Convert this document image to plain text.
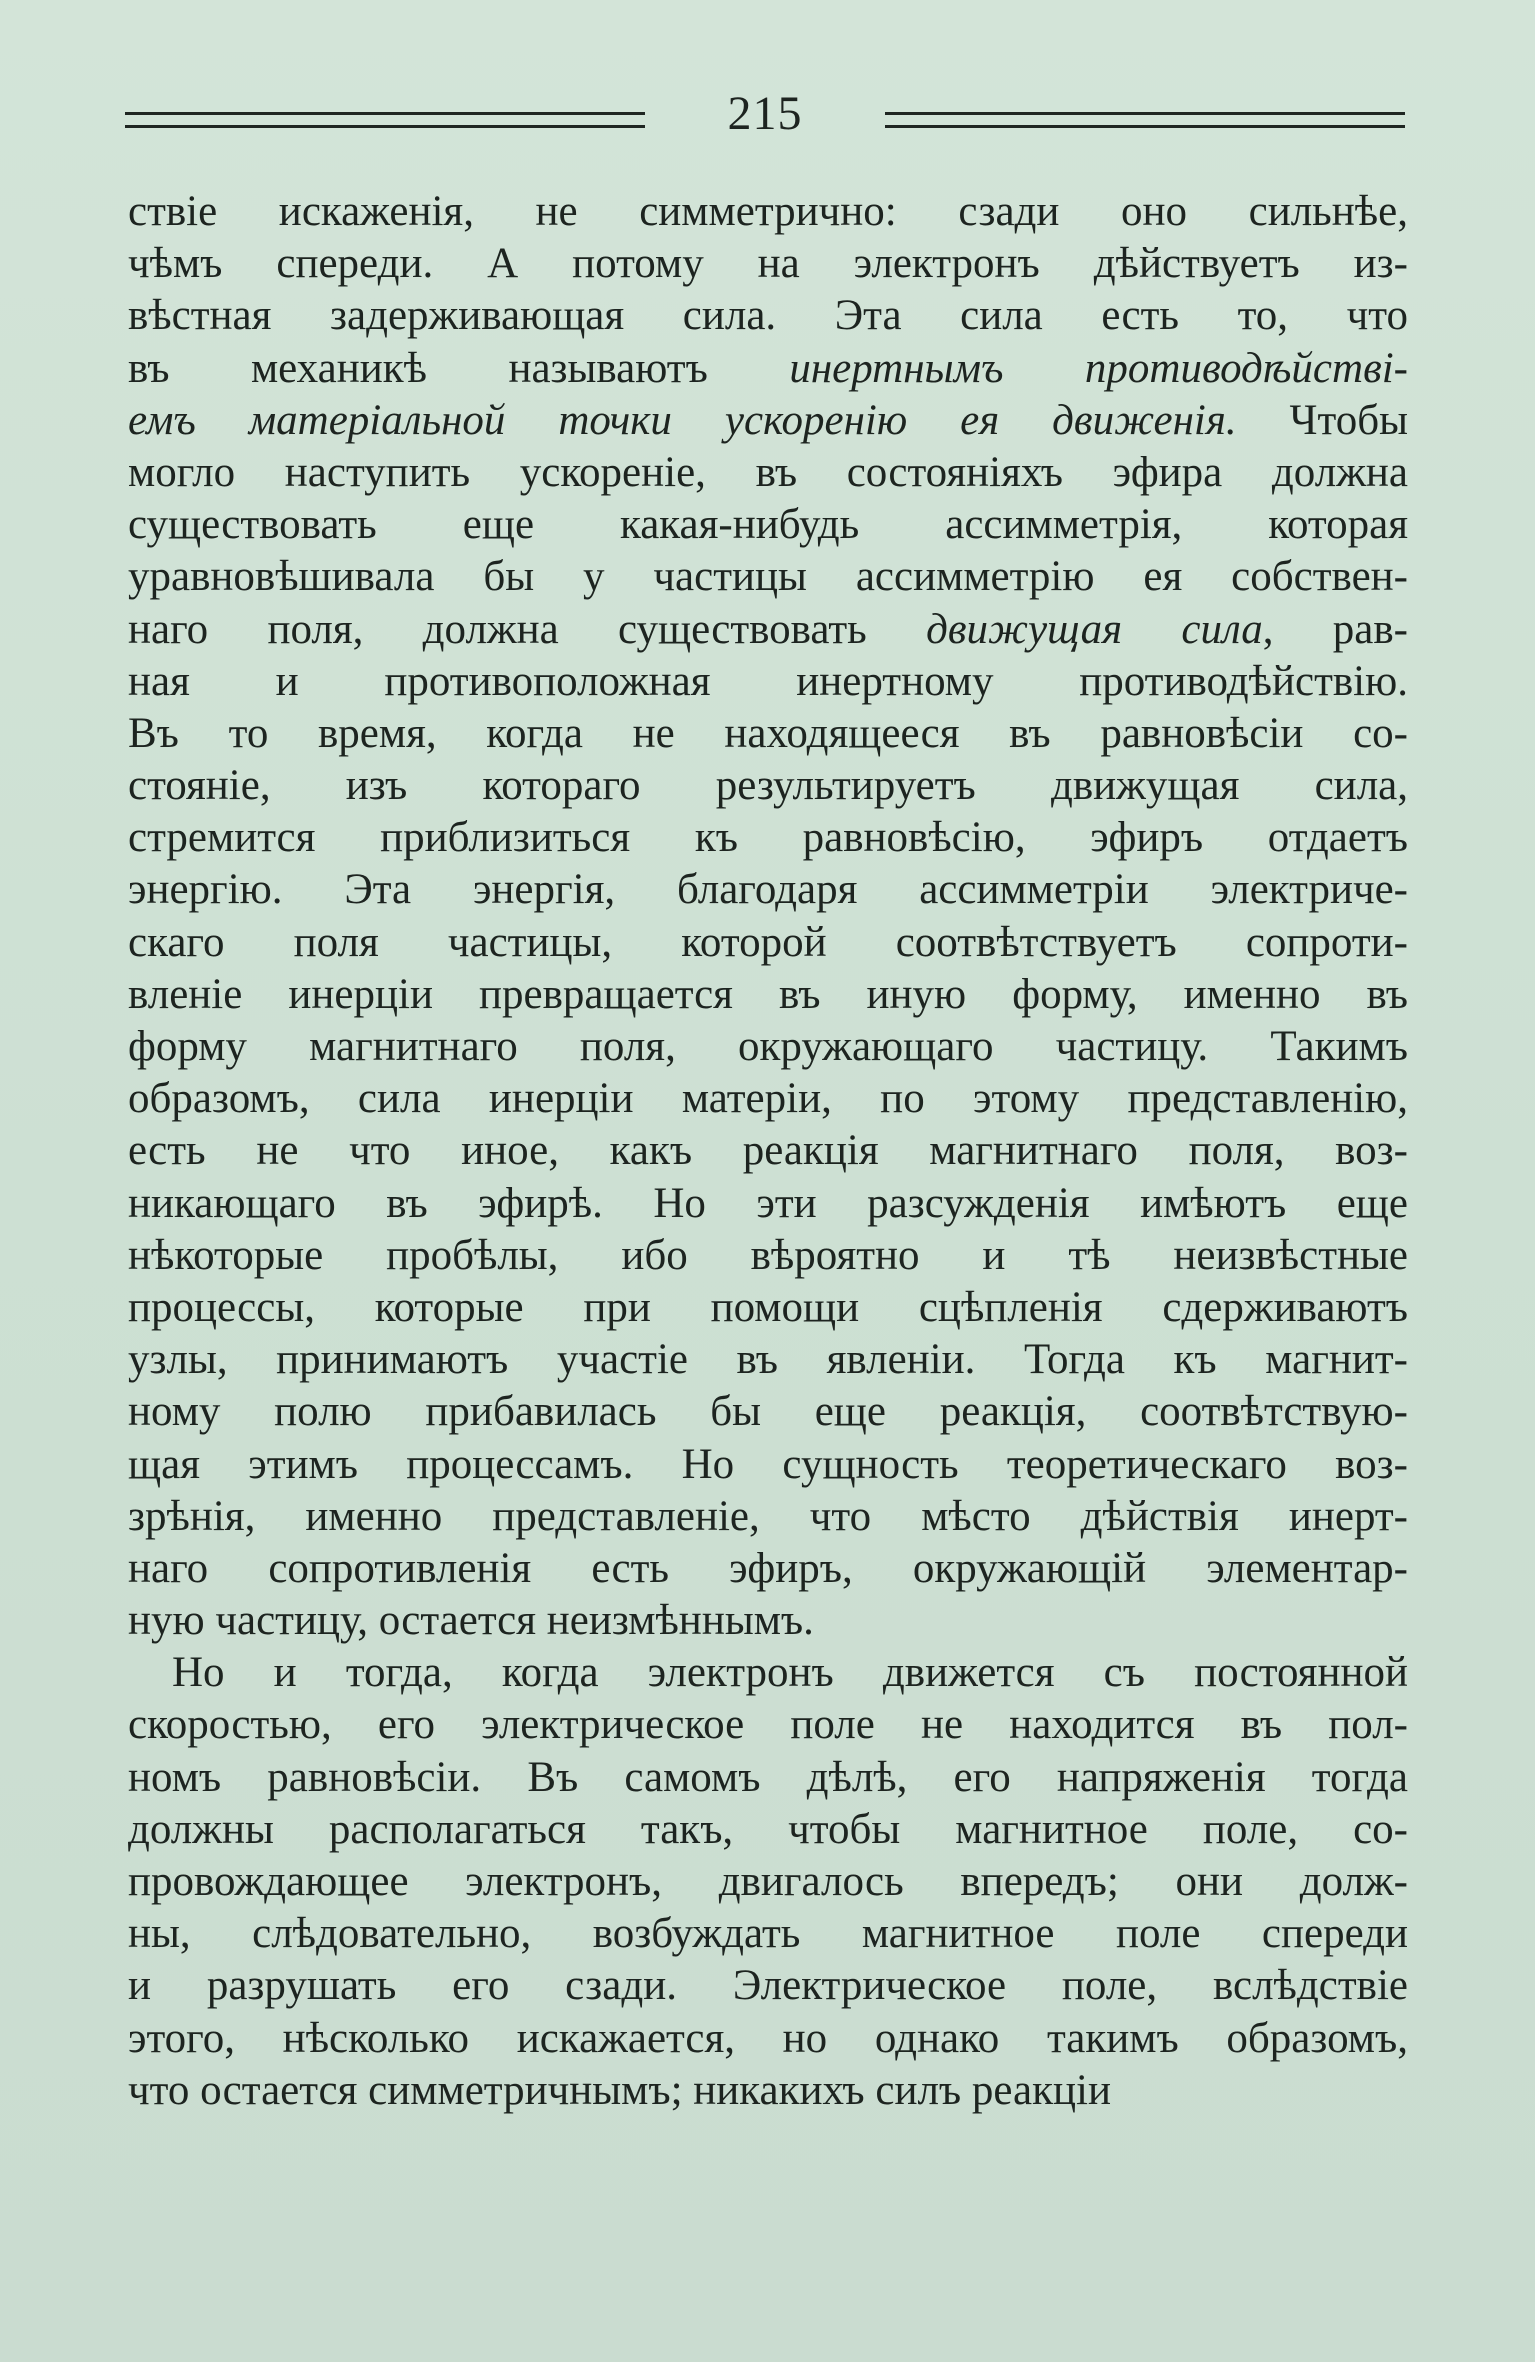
215
ствіе искаженія, не симметрично: сзади оно сильнѣе,
чѣмъ спереди. А потому на электронъ дѣйствуетъ из-
вѣстная задерживающая сила. Эта сила есть то, что
въ механикѣ называютъ инертнымъ противодѣйствi-
емъ матеріальной точки ускоренію ея движенія. Чтобы
могло наступить ускореніе, въ состояніяхъ эфира должна
существовать еще какая-нибудь ассимметрія, которая
уравновѣшивала бы у частицы ассимметрію ея собствен-
наго поля, должна существовать движущая сила, рав-
ная и противоположная инертному противодѣйствію.
Въ то время, когда не находящееся въ равновѣсіи со-
стояніе, изъ котораго результируетъ движущая сила,
стремится приблизиться къ равновѣсію, эфиръ отдаетъ
энергію. Эта энергія, благодаря ассимметріи электриче-
скаго поля частицы, которой соотвѣтствуетъ сопроти-
вленіе инерціи превращается въ иную форму, именно въ
форму магнитнаго поля, окружающаго частицу. Такимъ
образомъ, сила инерціи матеріи, по этому представленію,
есть не что иное, какъ реакція магнитнаго поля, воз-
никающаго въ эфирѣ. Но эти разсужденія имѣютъ еще
нѣкоторые пробѣлы, ибо вѣроятно и тѣ неизвѣстные
процессы, которые при помощи сцѣпленія сдерживаютъ
узлы, принимаютъ участіе въ явленіи. Тогда къ магнит-
ному полю прибавилась бы еще реакція, соотвѣтствую-
щая этимъ процессамъ. Но сущность теоретическаго воз-
зрѣнія, именно представленіе, что мѣсто дѣйствія инерт-
наго сопротивленія есть эфиръ, окружающій элементар-
ную частицу, остается неизмѣннымъ.
Но и тогда, когда электронъ движется съ постоянной
скоростью, его электрическое поле не находится въ пол-
номъ равновѣсіи. Въ самомъ дѣлѣ, его напряженія тогда
должны располагаться такъ, чтобы магнитное поле, со-
провождающее электронъ, двигалось впередъ; они долж-
ны, слѣдовательно, возбуждать магнитное поле спереди
и разрушать его сзади. Электрическое поле, вслѣдствіе
этого, нѣсколько искажается, но однако такимъ образомъ,
что остается симметричнымъ; никакихъ силъ реакціи
